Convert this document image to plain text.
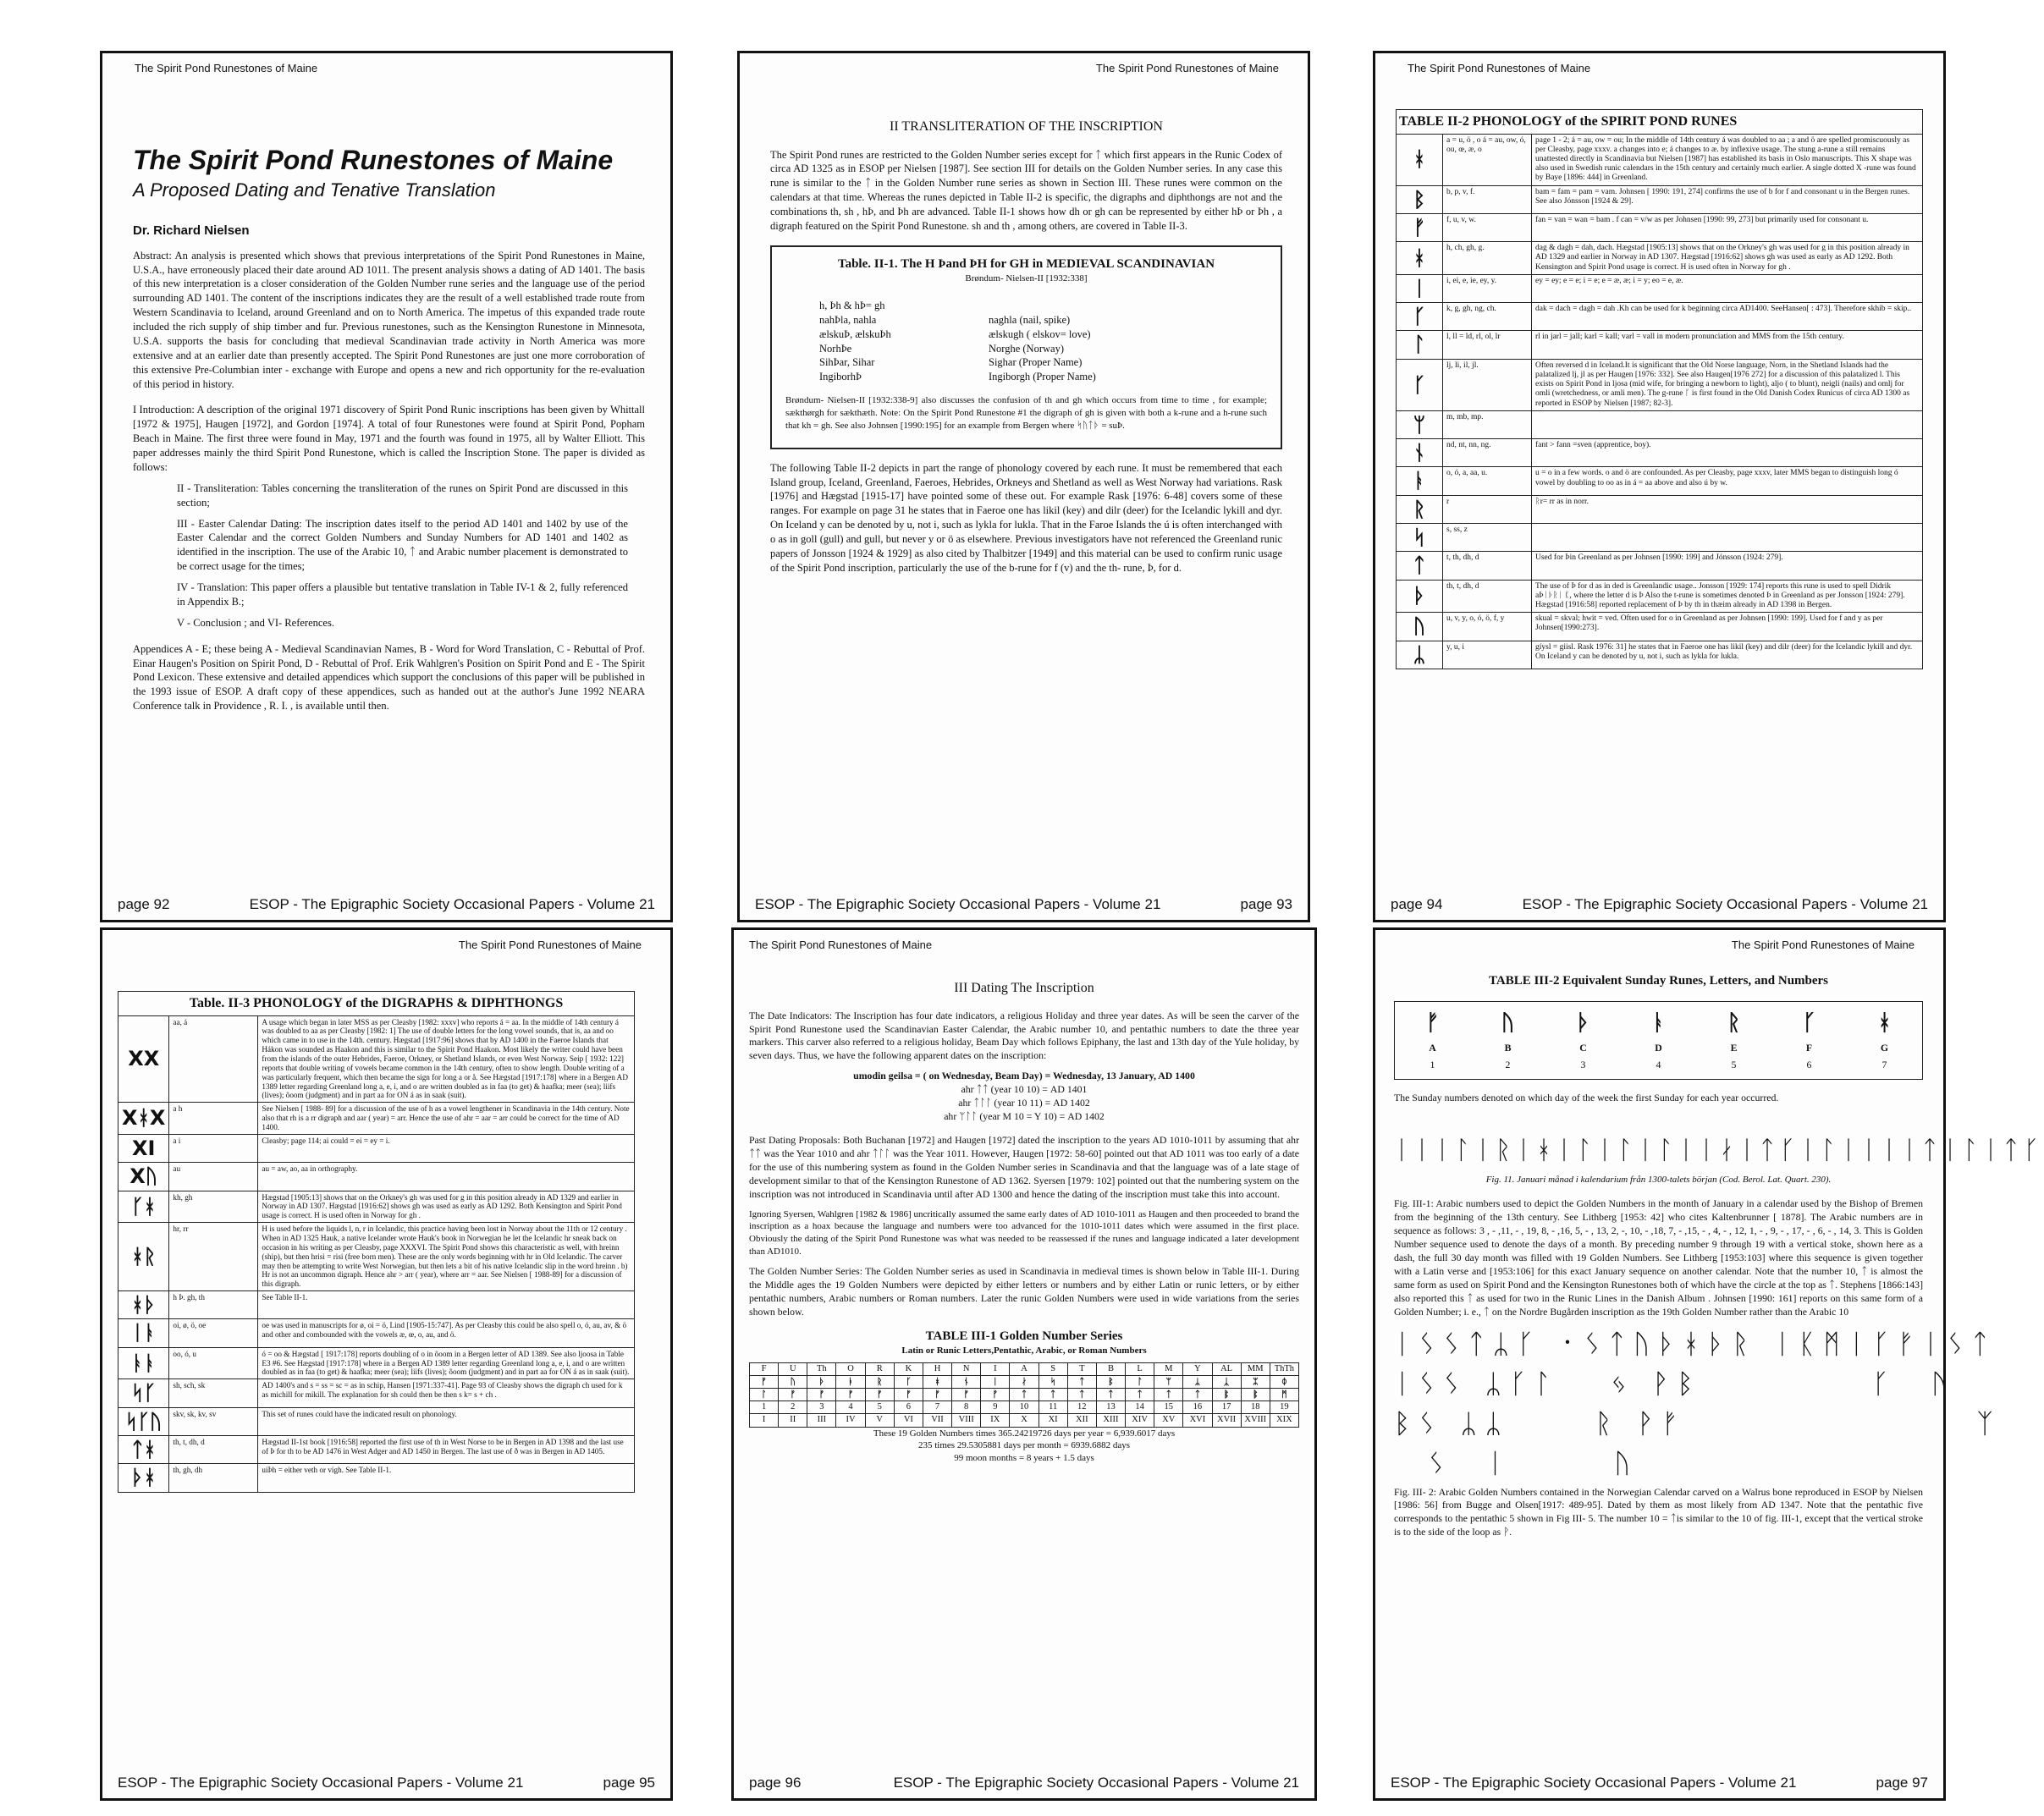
The Spirit Pond Runestones of Maine
The Spirit Pond Runestones of Maine
A Proposed Dating and Tenative Translation
Dr. Richard Nielsen

Abstract: An analysis is presented which shows that previous interpretations of the Spirit Pond Runestones in Maine, U.S.A., have erroneously placed their date around AD 1011. The present analysis shows a dating of AD 1401. The basis of this new interpretation is a closer consideration of the Golden Number rune series and the language use of the period surrounding AD 1401. The content of the inscriptions indicates they are the result of a well established trade route from Western Scandinavia to Iceland, around Greenland and on to North America. The impetus of this expanded trade route included the rich supply of ship timber and fur. Previous runestones, such as the Kensington Runestone in Minnesota, U.S.A. supports the basis for concluding that medieval Scandinavian trade activity in North America was more extensive and at an earlier date than presently accepted. The Spirit Pond Runestones are just one more corroboration of this extensive Pre-Columbian inter - exchange with Europe and opens a new and rich opportunity for the re-evaluation of this period in history.

I Introduction: A description of the original 1971 discovery of Spirit Pond Runic inscriptions has been given by Whittall [1972 & 1975], Haugen [1972], and Gordon [1974]. A total of four Runestones were found at Spirit Pond, Popham Beach in Maine. The first three were found in May, 1971 and the fourth was found in 1975, all by Walter Elliott. This paper addresses mainly the third Spirit Pond Runestone, which is called the Inscription Stone. The paper is divided as follows:

II - Transliteration: Tables concerning the transliteration of the runes on Spirit Pond are discussed in this section;

III - Easter Calendar Dating: The inscription dates itself to the period AD 1401 and 1402 by use of the Easter Calendar and the correct Golden Numbers and Sunday Numbers for AD 1401 and 1402 as identified in the inscription. The use of the Arabic 10, ᛏ and Arabic number placement is demonstrated to be correct usage for the times;

IV - Translation: This paper offers a plausible but tentative translation in Table IV-1 & 2, fully referenced in Appendix B.;

V - Conclusion ; and VI- References.

Appendices A - E; these being A - Medieval Scandinavian Names, B - Word for Word Translation, C - Rebuttal of Prof. Einar Haugen's Position on Spirit Pond, D - Rebuttal of Prof. Erik Wahlgren's Position on Spirit Pond and E - The Spirit Pond Lexicon. These extensive and detailed appendices which support the conclusions of this paper will be published in the 1993 issue of ESOP. A draft copy of these appendices, such as handed out at the author's June 1992 NEARA Conference talk in Providence , R. I. , is available until then.

page 92	ESOP - The Epigraphic Society Occasional Papers - Volume 21
The Spirit Pond Runestones of Maine
II TRANSLITERATION OF THE INSCRIPTION

The Spirit Pond runes are restricted to the Golden Number series except for ᛏ which first appears in the Runic Codex of circa AD 1325 as in ESOP per Nielsen [1987]. See section III for details on the Golden Number series. In any case this rune is similar to the ᛏ in the Golden Number rune series as shown in Section III. These runes were common on the calendars at that time. Whereas the runes depicted in Table II-2 is specific, the digraphs and diphthongs are not and the combinations th, sh , hÞ, and Þh are advanced. Table II-1 shows how dh or gh can be represented by either hÞ or Þh , a digraph featured on the Spirit Pond Runestone. sh and th , among others, are covered in Table II-3.

Table. II-1. The H Þand ÞH for GH in MEDIEVAL SCANDINAVIAN
Brøndum- Nielsen-II [1932:338]
h, Þh & hÞ= gh
nahÞla, nahla	naghla (nail, spike)
ælskuÞ, ælskuÞh	ælskugh ( elskov= love)
NorhÞe	Norghe (Norway)
SihÞar, Sihar	Sighar (Proper Name)
IngiborhÞ	Ingiborgh (Proper Name)

Brøndum- Nielsen-II [1932:338-9] also discusses the confusion of th and gh which occurs from time to time , for example; sækthørgh for sækthæth. Note: On the Spirit Pond Runestone #1 the digraph of gh is given with both a k-rune and a h-rune such that kh = gh. See also Johnsen [1990:195] for an example from Bergen where ᛋᚢᛏᚦ = suÞ.

The following Table II-2 depicts in part the range of phonology covered by each rune. It must be remembered that each Island group, Iceland, Greenland, Faeroes, Hebrides, Orkneys and Shetland as well as West Norway had variations. Rask [1976] and Hægstad [1915-17] have pointed some of these out. For example Rask [1976: 6-48] covers some of these ranges. For example on page 31 he states that in Faeroe one has likil (key) and dilr (deer) for the Icelandic lykill and dyr. On Iceland y can be denoted by u, not i, such as lykla for lukla. That in the Faroe Islands the ú is often interchanged with o as in goll (gull) and gull, but never y or ö as elsewhere. Previous investigators have not referenced the Greenland runic papers of Jonsson [1924 & 1929] as also cited by Thalbitzer [1949] and this material can be used to confirm runic usage of the Spirit Pond inscription, particularly the use of the b-rune for f (v) and the th- rune, Þ, for d.

ESOP - The Epigraphic Society Occasional Papers - Volume 21	page 93
The Spirit Pond Runestones of Maine
TABLE II-2 PHONOLOGY of the SPIRIT POND RUNES
ᚼ	a = u, ö , o á = au, ow, ó, ou, œ, æ, o	page 1 - 2; á = au, ow = ou; In the middle of 14th century á was doubled to aa ; a and ö are spelled promiscuously as per Cleasby, page xxxv. a changes into e; á changes to æ. by inflexive usage. The stung a-rune a still remains unattested directly in Scandinavia but Nielsen [1987] has established its basis in Oslo manuscripts. This X shape was also used in Swedish runic calendars in the 15th century and certainly much earlier. A single dotted X -rune was found by Baye [1896: 444] in Greenland.
ᛒ	b, p, v, f.	bam = fam = pam = vam. Johnsen [ 1990: 191, 274] confirms the use of b for f and consonant u in the Bergen runes. See also Jónsson [1924 & 29].
ᚠ	f, u, v, w.	fan = van = wan = bam . f can = v/w as per Johnsen [1990: 99, 273] but primarily used for consonant u.
ᚼ	h, ch, gh, g.	dag & dagh = dah, dach. Hægstad [1905:13] shows that on the Orkney's gh was used for g in this position already in AD 1329 and earlier in Norway in AD 1307. Hægstad [1916:62] shows gh was used as early as AD 1292. Both Kensington and Spirit Pond usage is correct. H is used often in Norway for gh .
ᛁ	i, ei, e, ie, ey, y.	ey = ey; e = e; i = e; e = æ, æ; i = y; eo = e, æ.
ᚴ	k, g, gh, ng, ch.	dak = dach = dagh = dah .Kh can be used for k beginning circa AD1400. SeeHansen[ : 473]. Therefore skhib = skip..
ᛚ	l, ll = ld, rl, ol, lr	rl in jarl = jall; karl = kall; varl = vall in modern pronunciation and MMS from the 15th century.
ᚴ	lj, li, il, jl.	Often reversed d in Iceland.It is significant that the Old Norse language, Norn, in the Shetland Islands had the palatalized lj, jl as per Haugen [1976: 332]. See also Haugen[1976 272] for a discussion of this palatalized l. This exists on Spirit Pond in ljosa (mid wife, for bringing a newborn to light), aljo ( to blunt), neigli (nails) and omlj for omli (wretchedness, or amli men). The g-rune ᚴ is first found in the Old Danish Codex Runicus of circa AD 1300 as reported in ESOP by Nielsen [1987; 82-3].
ᛘ	m, mb, mp.	
ᚾ	nd, nt, nn, ng.	fant > fann =sven (apprentice, boy).
ᚭ	o, ó, a, aa, u.	u = o in a few words. o and ö are confounded. As per Cleasby, page xxxv, later MMS began to distinguish long ó vowel by doubling to oo as in á = aa above and also ú by w.
ᚱ	r	ᚱr= rr as in norr.
ᛋ	s, ss, z	
ᛏ	t, th, dh, d	Used for Þin Greenland as per Johnsen [1990: 199] and Jónsson (1924: 279].
ᚦ	th, t, dh, d	The use of Þ for d as in ded is Greenlandic usage.. Jonsson [1929: 174] reports this rune is used to spell Didrik aÞᛁᚦᚱᛁ ᛕ, where the letter d is Þ Also the t-rune is sometimes denoted Þ in Greenland as per Jonsson [1924: 279]. Hægstad [1916:58] reported replacement of Þ by th in thæim already in AD 1398 in Bergen.
ᚢ	u, v, y, o, ó, ö, f, y	skual = skval; hwit = ved. Often used for o in Greenland as per Johnsen [1990: 199]. Used for f and y as per Johnsen[1990:273].
ᛦ	y, u, i	gíysl = giisl. Rask 1976: 31] he states that in Faeroe one has likil (key) and dilr (deer) for the Icelandic lykill and dyr. On Iceland y can be denoted by u, not i, such as lykla for lukla.
page 94	ESOP - The Epigraphic Society Occasional Papers - Volume 21
The Spirit Pond Runestones of Maine
Table. II-3 PHONOLOGY of the DIGRAPHS & DIPHTHONGS
XX	aa, á	A usage which began in later MSS as per Cleasby [1982: xxxv] who reports á = aa. In the middle of 14th century á was doubled to aa as per Cleasby [1982: 1] The use of double letters for the long vowel sounds, that is, aa and oo which came in to use in the 14th. century. Hægstad [1917:96] shows that by AD 1400 in the Faeroe Islands that Hákon was sounded as Haakon and this is similar to the Spirit Pond Haakon. Most likely the writer could have been from the islands of the outer Hebrides, Faeroe, Orkney, or Shetland Islands, or even West Norway. Seip [ 1932: 122] reports that double writing of vowels became common in the 14th century, often to show length. Double writing of a was particularly frequent, which then became the sign for long a or å. See Hægstad [1917:178] where in a Bergen AD 1389 letter regarding Greenland long a, e, i, and o are written doubled as in faa (to get) & haafka; meer (sea); liifs (lives); õoom (judgment) and in part aa for ON á as in saak (suit).
XᚼX	a h	See Nielsen [ 1988- 89] for a discussion of the use of h as a vowel lengthener in Scandinavia in the 14th century. Note also that rh is a rr digraph and aar ( year) = arr. Hence the use of ahr = aar = arr could be correct for the time of AD 1400.
XI	a i	Cleasby; page 114; ai could = ei = ey = i.
Xᚢ	au	au = aw, ao, aa in orthography.
ᚴᚼ	kh, gh	Hægstad [1905:13] shows that on the Orkney's gh was used for g in this position already in AD 1329 and earlier in Norway in AD 1307. Hægstad [1916:62] shows gh was used as early as AD 1292. Both Kensington and Spirit Pond usage is correct. H is used often in Norway for gh .
ᚼᚱ	hr, rr	H is used before the liquids l, n, r in Icelandic, this practice having been lost in Norway about the 11th or 12 century . When in AD 1325 Hauk, a native Icelander wrote Hauk's book in Norwegian he let the Icelandic hr sneak back on occasion in his writing as per Cleasby, page XXXVI. The Spirit Pond shows this characteristic as well, with hreinn (ship), but then hrisi = risi (free born men). These are the only words beginning with hr in Old Icelandic. The carver may then be attempting to write West Norwegian, but then lets a bit of his native Icelandic slip in the word hreinn . b) Hr is not an uncommon digraph. Hence ahr > arr ( year), where arr = aar. See Nielsen [ 1988-89] for a discussion of this digraph.
ᚼᚦ	h Þ. gh, th	See Table II-1.
ᛁᚭ	oi, ø, ö, oe	oe was used in manuscripts for ø, oi = ö, Lind [1905-15:747]. As per Cleasby this could be also spell o, ó, au, av, & ö and other and combounded with the vowels æ, œ, o, au, and ö.
ᚭᚭ	oo, ó, u	ó = oo & Hægstad [ 1917:178] reports doubling of o in õoom in a Bergen letter of AD 1389. See also ljoosa in Table E3 #6. See Hægstad [1917:178] where in a Bergen AD 1389 letter regarding Greenland long a, e, i, and o are written doubled as in faa (to get) & haafka; meer (sea); liifs (lives); õoom (judgment) and in part aa for ON á as in saak (suit).
ᛋᚴ	sh, sch, sk	AD 1400's and s = ss = sc = as in schip, Hansen [1971:337-41]. Page 93 of Cleasby shows the digraph ch used for k as michill for mikill. The explanation for sh could then be then s k= s + ch .
ᛋᚴᚢ	skv, sk, kv, sv	This set of runes could have the indicated result on phonology.
ᛏᚼ	th, t, dh, d	Hægstad II-1st book [1916:58] reported the first use of th in West Norse to be in Bergen in AD 1398 and the last use of Þ for th to be AD 1476 in West Adger and AD 1450 in Bergen. The last use of ð was in Bergen in AD 1405.
ᚦᚼ	th, gh, dh	uiÞh = either veth or vigh. See Table II-1.
ESOP - The Epigraphic Society Occasional Papers - Volume 21	page 95
The Spirit Pond Runestones of Maine
III Dating The Inscription

The Date Indicators: The Inscription has four date indicators, a religious Holiday and three year dates. As will be seen the carver of the Spirit Pond Runestone used the Scandinavian Easter Calendar, the Arabic number 10, and pentathic numbers to date the three year markers. This carver also referred to a religious holiday, Beam Day which follows Epiphany, the last and 13th day of the Yule holiday, by seven days. Thus, we have the following apparent dates on the inscription:

umodin geilsa = ( on Wednesday, Beam Day) = Wednesday, 13 January, AD 1400
ahr ᛏᛏ (year 10 10) = AD 1401
ahr ᛏᛚᛚ (year 10 11) = AD 1402
ahr ᛘᛚᛚ (year M 10 = Y 10) = AD 1402

Past Dating Proposals: Both Buchanan [1972] and Haugen [1972] dated the inscription to the years AD 1010-1011 by assuming that ahr ᛏᛏ was the Year 1010 and ahr ᛏᛚᛚ was the Year 1011. However, Haugen [1972: 58-60] pointed out that AD 1011 was too early of a date for the use of this numbering system as found in the Golden Number series in Scandinavia and that the language was of a late stage of development similar to that of the Kensington Runestone of AD 1362. Syersen [1979: 102] pointed out that the numbering system on the inscription was not introduced in Scandinavia until after AD 1300 and hence the dating of the inscription must take this into account.

Ignoring Syersen, Wahlgren [1982 & 1986] uncritically assumed the same early dates of AD 1010-1011 as Haugen and then proceeded to brand the inscription as a hoax because the language and numbers were too advanced for the 1010-1011 dates which were assumed in the first place. Obviously the dating of the Spirit Pond Runestone was what was needed to be reassessed if the runes and language indicated a later development than AD1010.

The Golden Number Series: The Golden Number series as used in Scandinavia in medieval times is shown below in Table III-1. During the Middle ages the 19 Golden Numbers were depicted by either letters or numbers and by either Latin or runic letters, or by either pentathic numbers, Arabic numbers or Roman numbers. Later the runic Golden Numbers were used in wide variations from the series shown below.

TABLE III-1 Golden Number Series
Latin or Runic Letters,Pentathic, Arabic, or Roman Numbers
F	U	Th	O	R	K	H	N	I	A	S	T	B	L	M	Y	AL	MM	ThTh
ᚠ	ᚢ	ᚦ	ᚭ	ᚱ	ᚴ	ᚼ	ᚾ	ᛁ	ᛅ	ᛋ	ᛏ	ᛒ	ᛚ	ᛘ	ᛦ	ᛣ	ᛯ	ᛰ
ᛚ	ᚠ	ᚠ	ᚠ	ᚠ	ᚠ	ᚠ	ᚠ	ᚠ	ᛏ	ᛏ	ᛏ	ᛏ	ᛏ	ᛏ	ᛏ	ᛔ	ᛔ	ᛗ
1	2	3	4	5	6	7	8	9	10	11	12	13	14	15	16	17	18	19
I	II	III	IV	V	VI	VII	VIII	IX	X	XI	XII	XIII	XIV	XV	XVI	XVII XVIII	XIX
These 19 Golden Numbers times 365.24219726 days per year = 6,939.6017 days
235 times 29.5305881 days per month = 6939.6882 days
99 moon months = 8 years + 1.5 days
page 96	ESOP - The Epigraphic Society Occasional Papers - Volume 21
The Spirit Pond Runestones of Maine
TABLE III-2 Equivalent Sunday Runes, Letters, and Numbers
ᚠ	ᚢ	ᚦ	ᚭ	ᚱ	ᚴ	ᚼ
A	B	C	D	E	F	G
1	2	3	4	5	6	7

The Sunday numbers denoted on which day of the week the first Sunday for each year occurred.

ᛁᛁᛁᛚᛁᚱᛁᚼᛁᛚᛁᛚᛁᛚᛁᛁᛅᛁᛏᚴᛁᛚᛁᛁᛁᛁᛏᛁᛚᛁᛏᚴ
Fig. 11. Januari månad i kalendarium från 1300-talets början (Cod. Berol. Lat. Quart. 230).

Fig. III-1: Arabic numbers used to depict the Golden Numbers in the month of January in a calendar used by the Bishop of Bremen from the beginning of the 13th century. See Lithberg [1953: 42] who cites Kaltenbrunner [ 1878]. The Arabic numbers are in sequence as follows: 3 , - ,11, - , 19, 8, - ,16, 5, - , 13, 2, -, 10, - ,18, 7, - ,15, - , 4, - , 12, 1, - , 9, - , 17, - , 6, - , 14, 3. This is Golden Number sequence used to denote the days of a month. By preceding number 9 through 19 with a vertical stoke, shown here as a dash, the full 30 day month was filled with 19 Golden Numbers. See Lithberg [1953:103] where this sequence is given together with a Latin verse and [1953:106] for this exact January sequence on another calendar. Note that the number 10, ᛏ is almost the same form as used on Spirit Pond and the Kensington Runestones both of which have the circle at the top as ᛏ. Stephens [1866:143] also reported this ᛏ as used for two in the Runic Lines in the Danish Album . Johnsen [1990: 161] reports on this same form of a Golden Number; i. e., ᛏ on the Nordre Bugården inscription as the 19th Golden Number rather than the Arabic 10

ᛁᛊᛊᛏᛦᚴ ᛫ᛊᛏᚢᚦᚼᚦᚱ ᛁᛕᛗᛁᚴᚠᛁᛊᛏ
ᛁᛊᛊ ᛦᚴᛚ   ᛃ ᚹᛒ          ᚴ  ᚢ
ᛒᛊ ᛦᛦ     ᚱ ᚹᚠ                 ᛉ
ᛊ  ᛁ      ᚢ

Fig. III- 2: Arabic Golden Numbers contained in the Norwegian Calendar carved on a Walrus bone reproduced in ESOP by Nielsen [1986: 56] from Bugge and Olsen[1917: 489-95]. Dated by them as most likely from AD 1347. Note that the pentathic five corresponds to the pentathic 5 shown in Fig III- 5. The number 10 = ᛏis similar to the 10 of fig. III-1, except that the vertical stroke is to the side of the loop as ᚹ.

ESOP - The Epigraphic Society Occasional Papers - Volume 21	page 97
